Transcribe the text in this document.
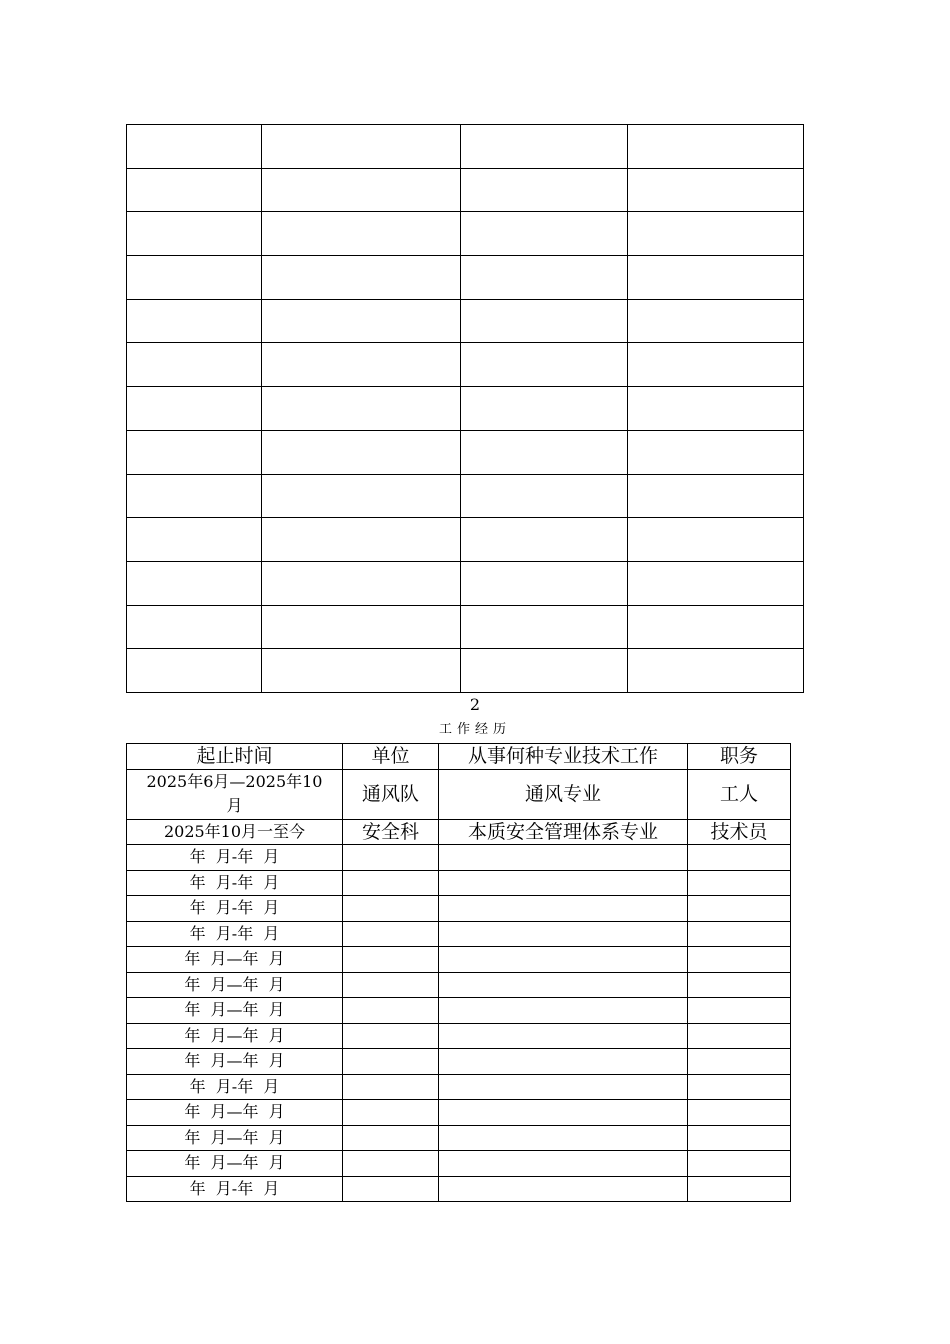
2
工作经历
起止时间	单位	从事何种专业技术工作	职务
2025年6月—2025年10月	通风队	通风专业	工人
2025年10月一至今	安全科	本质安全管理体系专业	技术员
年  月-年  月			
年  月-年  月			
年  月-年  月			
年  月-年  月			
年  月—年  月			
年  月—年  月			
年  月—年  月			
年  月—年  月			
年  月—年  月			
年  月-年  月			
年  月—年  月			
年  月—年  月			
年  月—年  月			
年  月-年  月			
